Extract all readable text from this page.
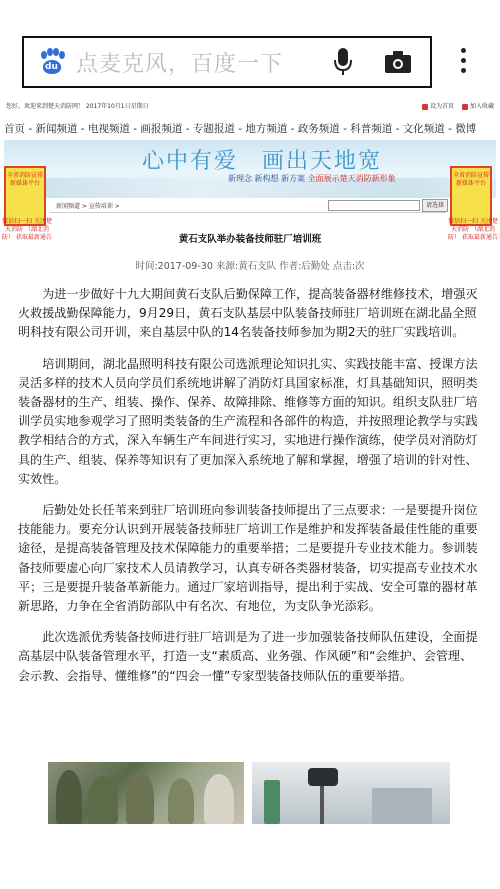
du 点麦克风，百度一下
您好，欢迎来到楚天消防网！ 2017年10月1日星期日	设为首页	加入收藏
首页 - 新闻频道 - 电视频道 - 画报频道 - 专题报道 - 地方频道 - 政务频道 - 科普频道 - 文化频道 - 微博
心中有爱　画出天地宽
新理念 新构想 新方案 全面展示楚天消防新形象
全省消防宣传新媒体平台
全省消防宣传新媒体平台
微信扫一扫 关注楚天消防 （湖北消防） 获取最新通告
微信扫一扫 关注楚天消防 （湖北消防） 获取最新通告
新闻频道 > 宣传培训 >	请选择
黄石支队举办装备技师驻厂培训班
时间:2017-09-30 来源:黄石支队 作者:后勤处 点击:次

为进一步做好十九大期间黄石支队后勤保障工作，提高装备器材维修技术，增强灭火救援战勤保障能力，9月29日，黄石支队基层中队装备技师驻厂培训班在湖北晶全照明科技有限公司开训，来自基层中队的14名装备技师参加为期2天的驻厂实践培训。

培训期间，湖北晶照明科技有限公司选派理论知识扎实、实践技能丰富、授课方法灵活多样的技术人员向学员们系统地讲解了消防灯具国家标准，灯具基础知识，照明类装备器材的生产、组装、操作、保养、故障排除、维修等方面的知识。组织支队驻厂培训学员实地参观学习了照明类装备的生产流程和各部件的构造，并按照理论教学与实践教学相结合的方式，深入车辆生产车间进行实习，实地进行操作演练，使学员对消防灯具的生产、组装、保养等知识有了更加深入系统地了解和掌握，增强了培训的针对性、实效性。

后勤处处长任苇来到驻厂培训班向参训装备技师提出了三点要求：一是要提升岗位技能能力。要充分认识到开展装备技师驻厂培训工作是维护和发挥装备最佳性能的重要途径，是提高装备管理及技术保障能力的重要举措；二是要提升专业技术能力。参训装备技师要虚心向厂家技术人员请教学习，认真专研各类器材装备，切实提高专业技术水平；三是要提升装备革新能力。通过厂家培训指导，提出利于实战、安全可靠的器材革新思路，力争在全省消防部队中有名次、有地位，为支队争光添彩。

此次选派优秀装备技师进行驻厂培训是为了进一步加强装备技师队伍建设，全面提高基层中队装备管理水平，打造一支“素质高、业务强、作风硬”和“会维护、会管理、会示教、会指导、懂维修”的“四会一懂”专家型装备技师队伍的重要举措。
